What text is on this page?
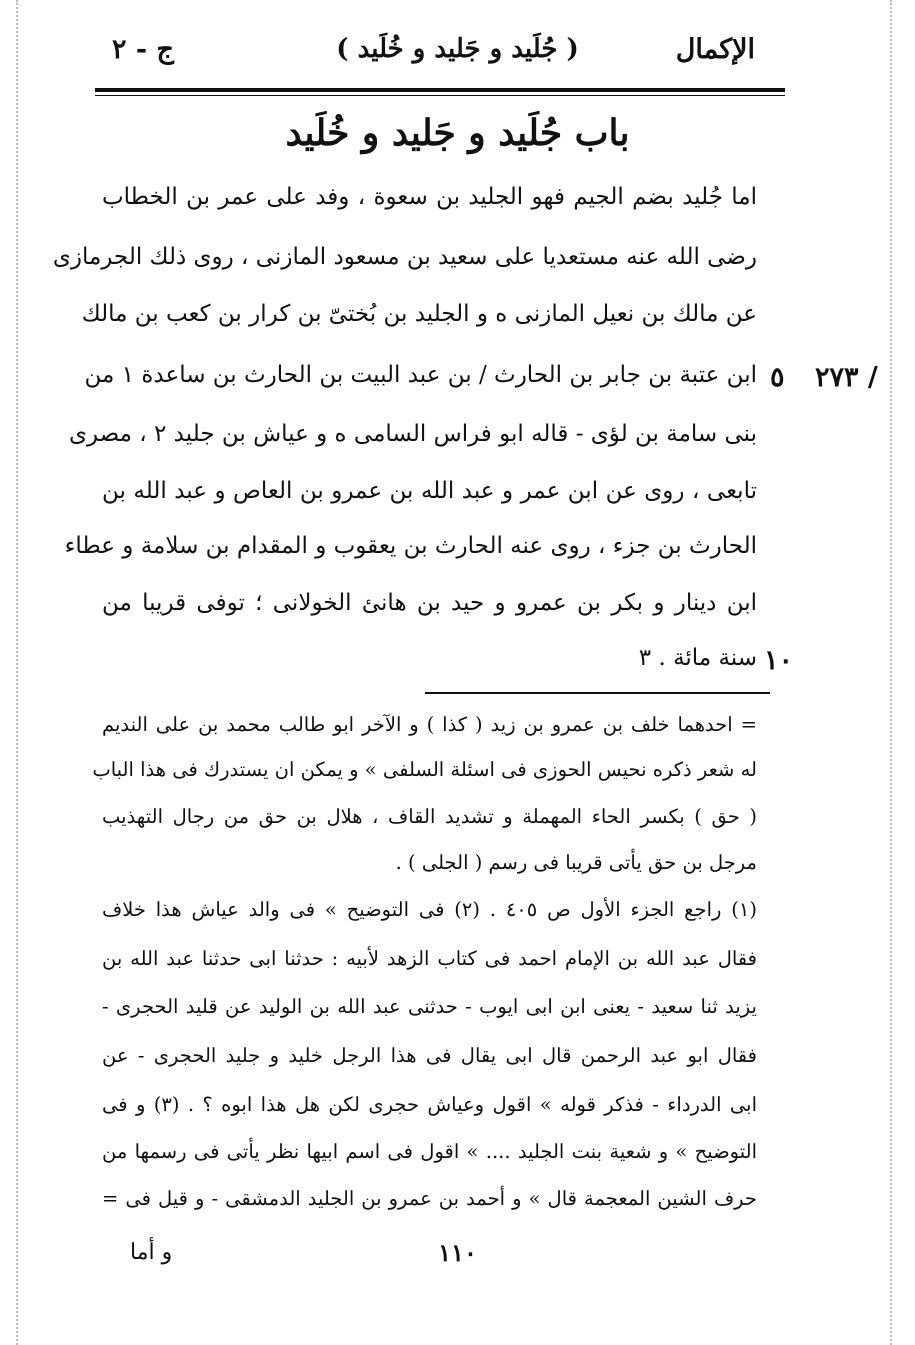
الإكمال
( جُلَيد و جَليد و خُلَيد )
ج - ٢
باب جُلَيد و جَليد و خُلَيد
اما جُليد بضم الجيم فهو الجليد بن سعوة ، وفد على عمر بن الخطاب
رضى الله عنه مستعديا على سعيد بن مسعود المازنى ، روى ذلك الجرمازى
عن مالك بن نعيل المازنى ه و الجليد بن بُختىّ بن كرار بن كعب بن مالك
ابن عتبة بن جابر بن الحارث / بن عبد البيت بن الحارث بن ساعدة ١ من
بنى سامة بن لؤى - قاله ابو فراس السامى ه و عياش بن جليد ٢ ، مصرى
تابعى ، روى عن ابن عمر و عبد الله بن عمرو بن العاص و عبد الله بن
الحارث بن جزء ، روى عنه الحارث بن يعقوب و المقدام بن سلامة و عطاء
ابن دينار و بكر بن عمرو و حيد بن هانئ الخولانى ؛ توفى قريبا من
سنة مائة . ٣
٢٧٣ /
٥
١٠
= احدهما خلف بن عمرو بن زيد ( كذا ) و الآخر ابو طالب محمد بن على النديم
له شعر ذكره نحيس الحوزى فى اسئلة السلفى » و يمكن ان يستدرك فى هذا الباب
( حق ) بكسر الحاء المهملة و تشديد القاف ، هلال بن حق من رجال التهذيب
مرجل بن حق يأتى قريبا فى رسم ( الجلى ) .
(١) راجع الجزء الأول ص ٤٠٥ . (٢) فى التوضيح » فى والد عياش هذا خلاف
فقال عبد الله بن الإمام احمد فى كتاب الزهد لأبيه : حدثنا ابى حدثنا عبد الله بن
يزيد ثنا سعيد - يعنى ابن ابى ايوب - حدثنى عبد الله بن الوليد عن قليد الحجرى -
فقال ابو عبد الرحمن قال ابى يقال فى هذا الرجل خليد و جليد الحجرى - عن
ابى الدرداء - فذكر قوله » اقول وعياش حجرى لكن هل هذا ابوه ؟ . (٣) و فى
التوضيح » و شعية بنت الجليد .... » اقول فى اسم ابيها نظر يأتى فى رسمها من
حرف الشين المعجمة قال » و أحمد بن عمرو بن الجليد الدمشقى - و قيل فى =
١١٠
و أما
